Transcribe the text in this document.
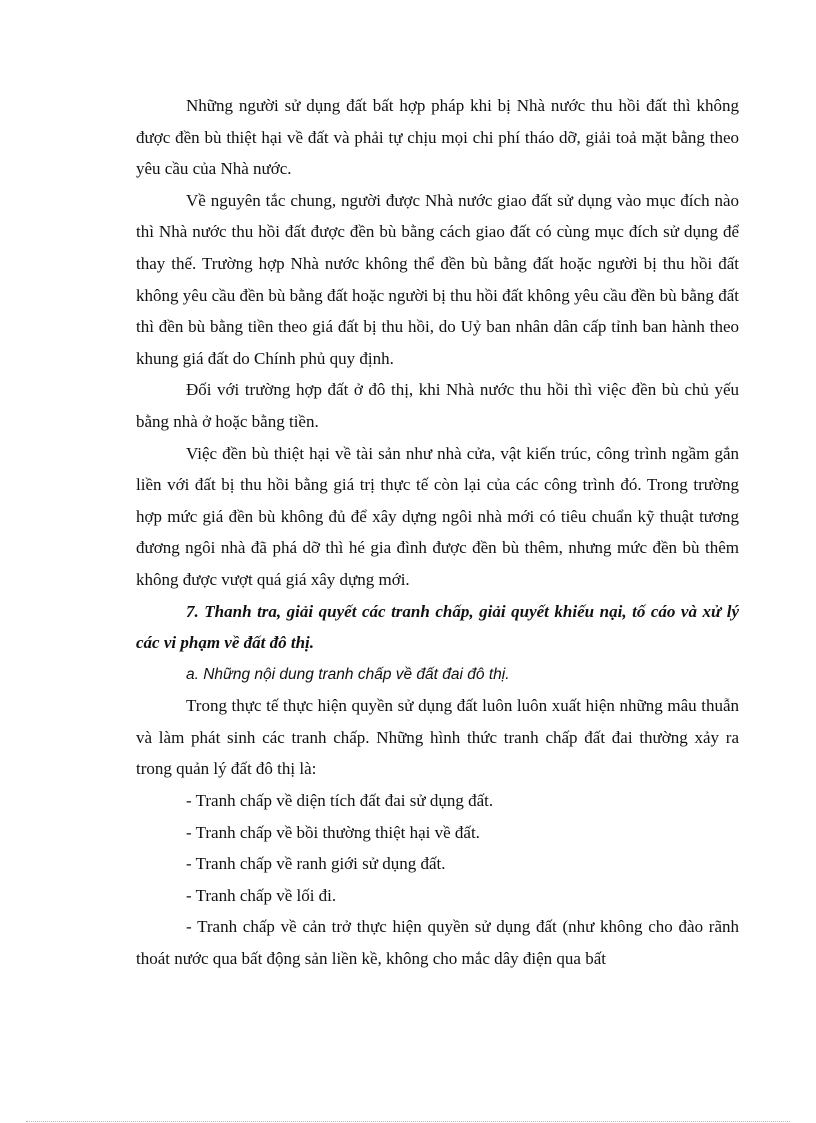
Những người sử dụng đất bất hợp pháp khi bị Nhà nước thu hồi đất thì không được đền bù thiệt hại về đất và phải tự chịu mọi chi phí tháo dỡ, giải toả mặt bằng theo yêu cầu của Nhà nước.

Về nguyên tắc chung, người được Nhà nước giao đất sử dụng vào mục đích nào thì Nhà nước thu hồi đất được đền bù bằng cách giao đất có cùng mục đích sử dụng để thay thế. Trường hợp Nhà nước không thể đền bù bằng đất hoặc người bị thu hồi đất không yêu cầu đền bù bằng đất hoặc người bị thu hồi đất không yêu cầu đền bù bằng đất thì đền bù bằng tiền theo giá đất bị thu hồi, do Uỷ ban nhân dân cấp tỉnh ban hành theo khung giá đất do Chính phủ quy định.

Đối với trường hợp đất ở đô thị, khi Nhà nước thu hồi thì việc đền bù chủ yếu bằng nhà ở hoặc bằng tiền.

Việc đền bù thiệt hại về tài sản như nhà cửa, vật kiến trúc, công trình ngầm gắn liền với đất bị thu hồi bằng giá trị thực tế còn lại của các công trình đó. Trong trường hợp mức giá đền bù không đủ để xây dựng ngôi nhà mới có tiêu chuẩn kỹ thuật tương đương ngôi nhà đã phá dỡ thì hé gia đình được đền bù thêm, nhưng mức đền bù thêm không được vượt quá giá xây dựng mới.

7. Thanh tra, giải quyết các tranh chấp, giải quyết khiếu nại, tố cáo và xử lý các vi phạm về đất đô thị.

a. Những nội dung tranh chấp về đất đai đô thị.

Trong thực tế thực hiện quyền sử dụng đất luôn luôn xuất hiện những mâu thuẫn và làm phát sinh các tranh chấp. Những hình thức tranh chấp đất đai thường xảy ra trong quản lý đất đô thị là:

- Tranh chấp về diện tích đất đai sử dụng đất.

- Tranh chấp về bồi thường thiệt hại về đất.

- Tranh chấp về ranh giới sử dụng đất.

- Tranh chấp về lối đi.

- Tranh chấp về cản trở thực hiện quyền sử dụng đất (như không cho đào rãnh thoát nước qua bất động sản liền kề, không cho mắc dây điện qua bất
